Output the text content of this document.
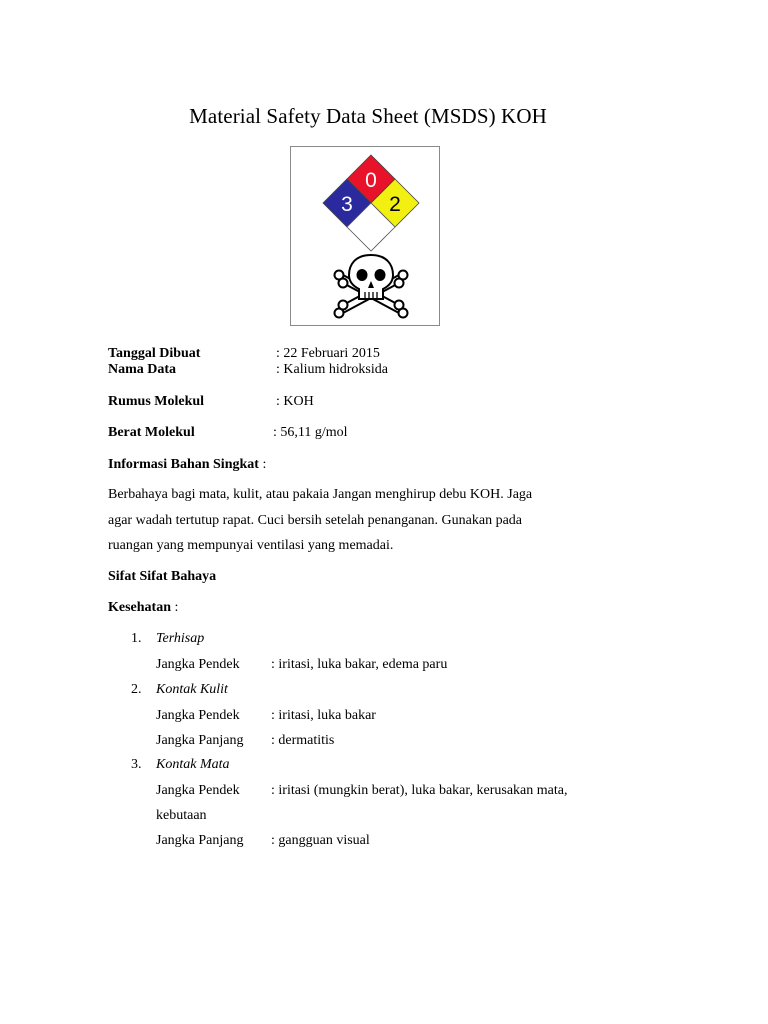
Material Safety Data Sheet (MSDS) KOH
0
3 2
Tanggal Dibuat	: 22 Februari 2015
Nama Data	: Kalium hidroksida
Rumus Molekul	: KOH
Berat Molekul	: 56,11 g/mol
Informasi Bahan Singkat :
Berbahaya bagi mata, kulit, atau pakaia Jangan menghirup debu KOH. Jaga
agar wadah tertutup rapat. Cuci bersih setelah penanganan. Gunakan pada
ruangan yang mempunyai ventilasi yang memadai.
Sifat Sifat Bahaya
Kesehatan :
1. Terhisap
Jangka Pendek : iritasi, luka bakar, edema paru
2. Kontak Kulit
Jangka Pendek : iritasi, luka bakar
Jangka Panjang : dermatitis
3. Kontak Mata
Jangka Pendek : iritasi (mungkin berat), luka bakar, kerusakan mata,
kebutaan
Jangka Panjang : gangguan visual
